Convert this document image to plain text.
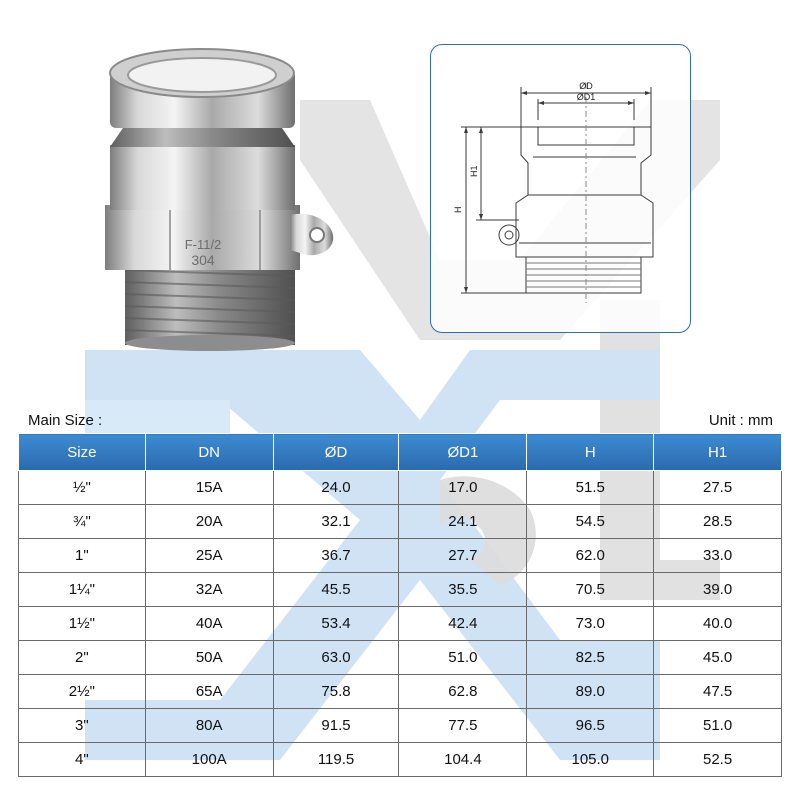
F-11/2
304
ØD
ØD1
H
H1
Main Size :	Unit : mm
Size	DN	ØD	ØD1	H	H1
½"	15A	24.0	17.0	51.5	27.5
¾"	20A	32.1	24.1	54.5	28.5
1"	25A	36.7	27.7	62.0	33.0
1¼"	32A	45.5	35.5	70.5	39.0
1½"	40A	53.4	42.4	73.0	40.0
2"	50A	63.0	51.0	82.5	45.0
2½"	65A	75.8	62.8	89.0	47.5
3"	80A	91.5	77.5	96.5	51.0
4"	100A	119.5	104.4	105.0	52.5
